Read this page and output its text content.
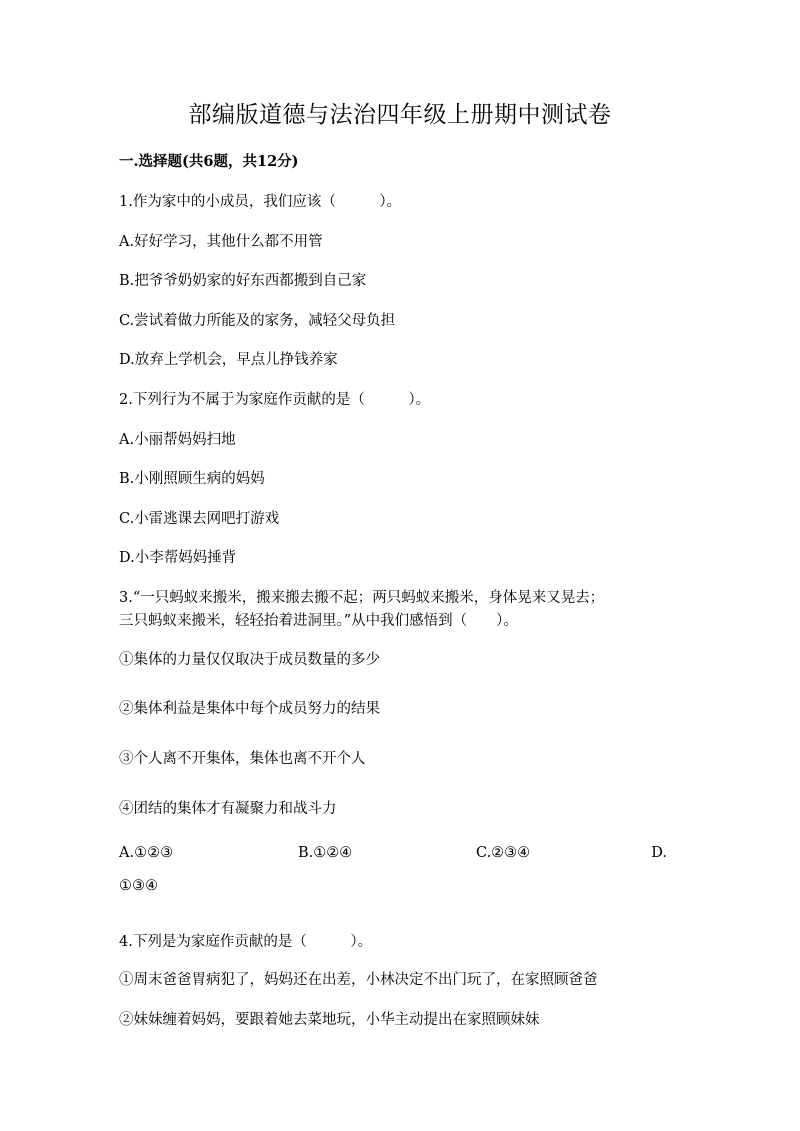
部编版道德与法治四年级上册期中测试卷
一.选择题(共6题，共12分)
1.作为家中的小成员，我们应该（　　　）。
A.好好学习，其他什么都不用管
B.把爷爷奶奶家的好东西都搬到自己家
C.尝试着做力所能及的家务，减轻父母负担
D.放弃上学机会，早点儿挣钱养家
2.下列行为不属于为家庭作贡献的是（　　　）。
A.小丽帮妈妈扫地
B.小刚照顾生病的妈妈
C.小雷逃课去网吧打游戏
D.小李帮妈妈捶背
3.“一只蚂蚁来搬米，搬来搬去搬不起；两只蚂蚁来搬米，身体晃来又晃去；
三只蚂蚁来搬米，轻轻抬着进洞里。”从中我们感悟到（　　）。
①集体的力量仅仅取决于成员数量的多少
②集体利益是集体中每个成员努力的结果
③个人离不开集体，集体也离不开个人
④团结的集体才有凝聚力和战斗力
A.①②③	B.①②④	C.②③④	D.
①③④
4.下列是为家庭作贡献的是（　　　）。
①周末爸爸胃病犯了，妈妈还在出差，小林决定不出门玩了，在家照顾爸爸
②妹妹缠着妈妈，要跟着她去菜地玩，小华主动提出在家照顾妹妹
